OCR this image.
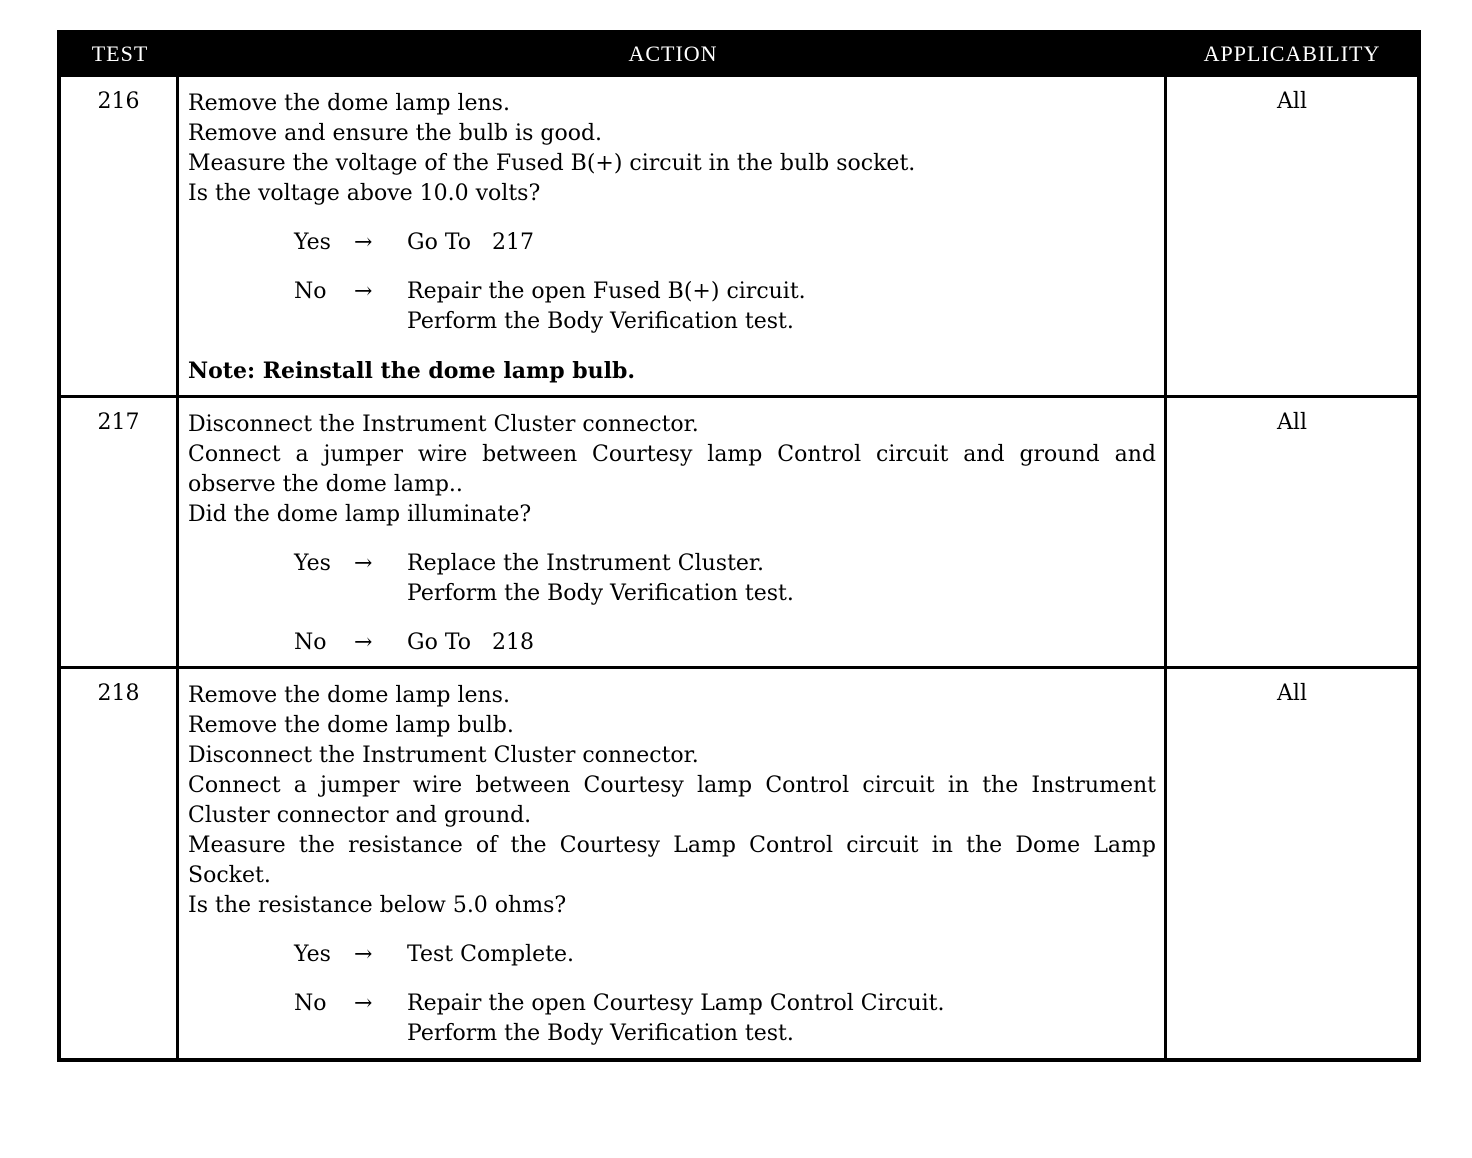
TEST	ACTION	APPLICABILITY
216	Remove the dome lamp lens.
Remove and ensure the bulb is good.
Measure the voltage of the Fused B(+) circuit in the bulb socket.
Is the voltage above 10.0 volts?
Yes	→	Go To   217
No	→	Repair the open Fused B(+) circuit.
Perform the Body Verification test.
Note: Reinstall the dome lamp bulb.
All
217	Disconnect the Instrument Cluster connector.
Connect a jumper wire between Courtesy lamp Control circuit and ground and observe the dome lamp..
Did the dome lamp illuminate?
Yes	→	Replace the Instrument Cluster.
Perform the Body Verification test.
No	→	Go To   218
All
218	Remove the dome lamp lens.
Remove the dome lamp bulb.
Disconnect the Instrument Cluster connector.
Connect a jumper wire between Courtesy lamp Control circuit in the Instrument Cluster connector and ground.
Measure the resistance of the Courtesy Lamp Control circuit in the Dome Lamp Socket.
Is the resistance below 5.0 ohms?
Yes	→	Test Complete.
No	→	Repair the open Courtesy Lamp Control Circuit.
Perform the Body Verification test.
All
